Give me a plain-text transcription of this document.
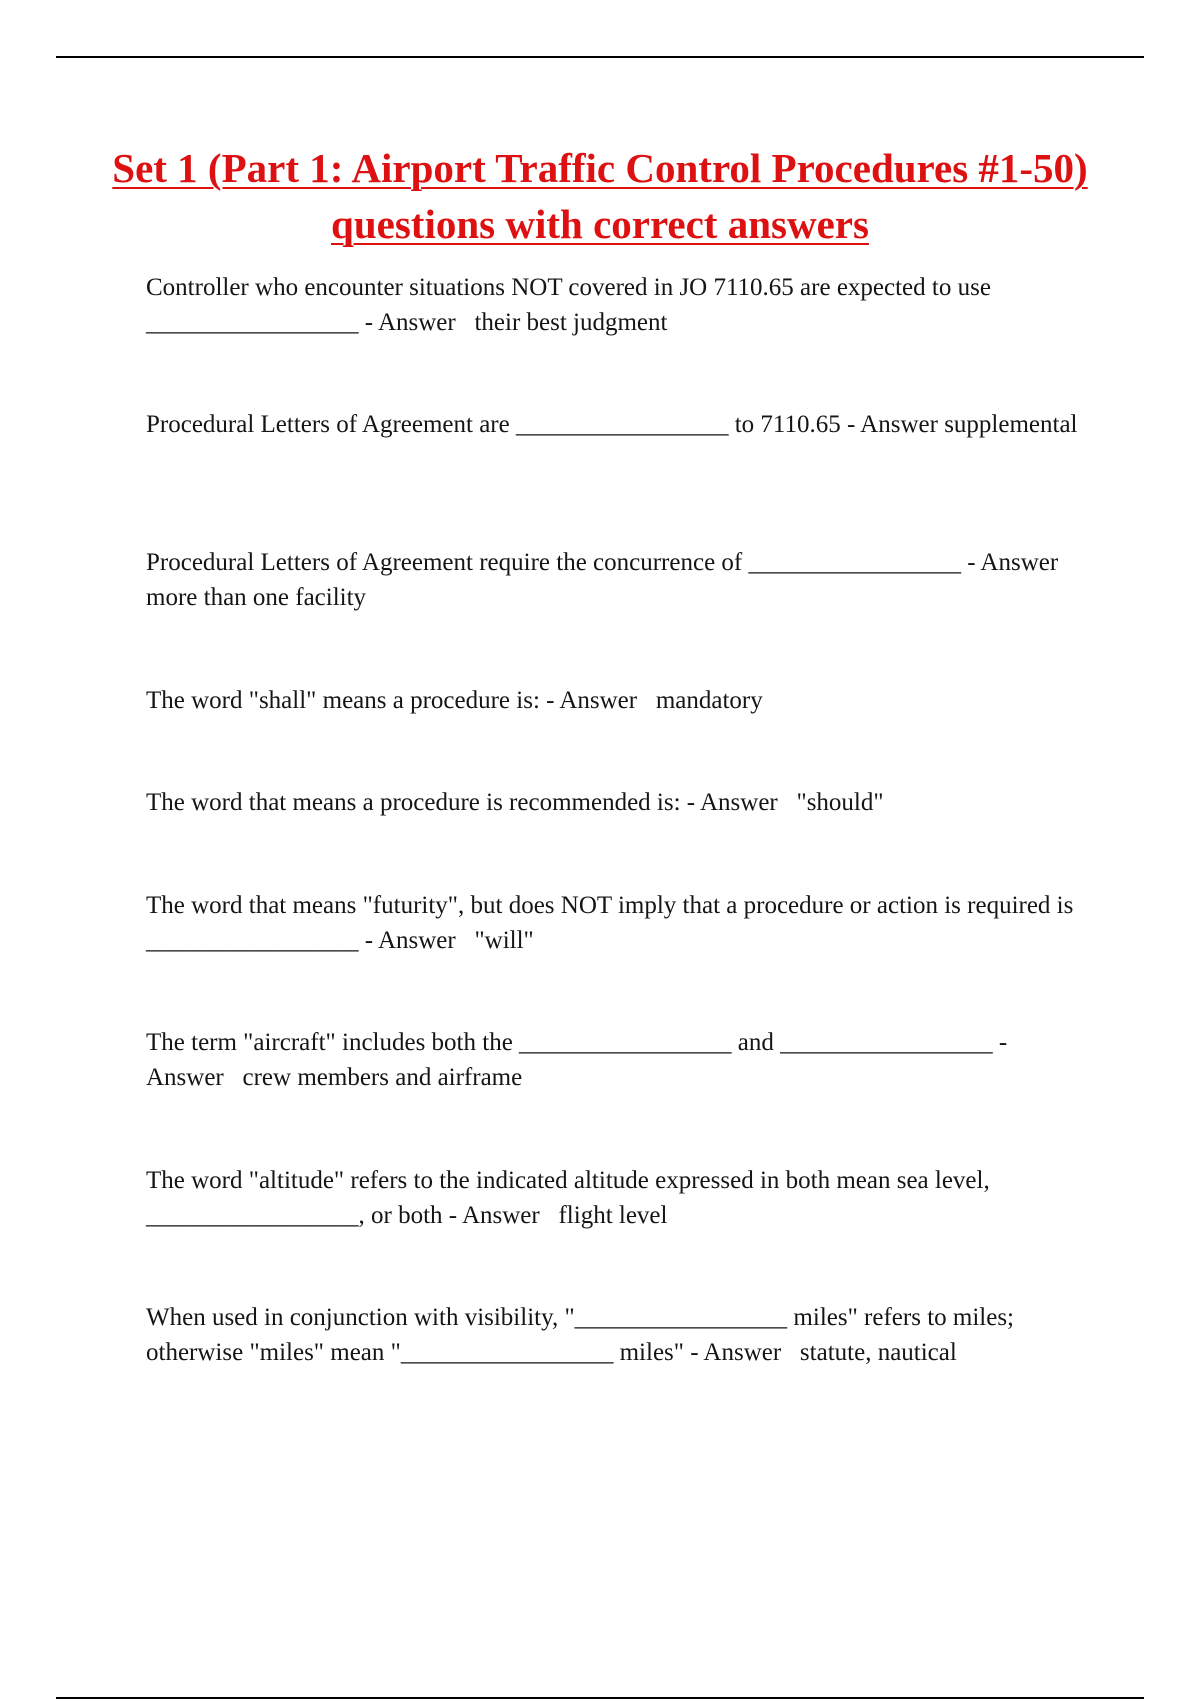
Set 1 (Part 1: Airport Traffic Control Procedures #1-50) questions with correct answers

Controller who encounter situations NOT covered in JO 7110.65 are expected to use _________________ - Answer   their best judgment

Procedural Letters of Agreement are _________________ to 7110.65 - Answer supplemental

Procedural Letters of Agreement require the concurrence of _________________ - Answer   more than one facility

The word "shall" means a procedure is: - Answer   mandatory

The word that means a procedure is recommended is: - Answer   "should"

The word that means "futurity", but does NOT imply that a procedure or action is required is _________________ - Answer   "will"

The term "aircraft" includes both the _________________ and _________________ - Answer   crew members and airframe

The word "altitude" refers to the indicated altitude expressed in both mean sea level, _________________, or both - Answer   flight level

When used in conjunction with visibility, "_________________ miles" refers to miles; otherwise "miles" mean "_________________ miles" - Answer   statute, nautical
